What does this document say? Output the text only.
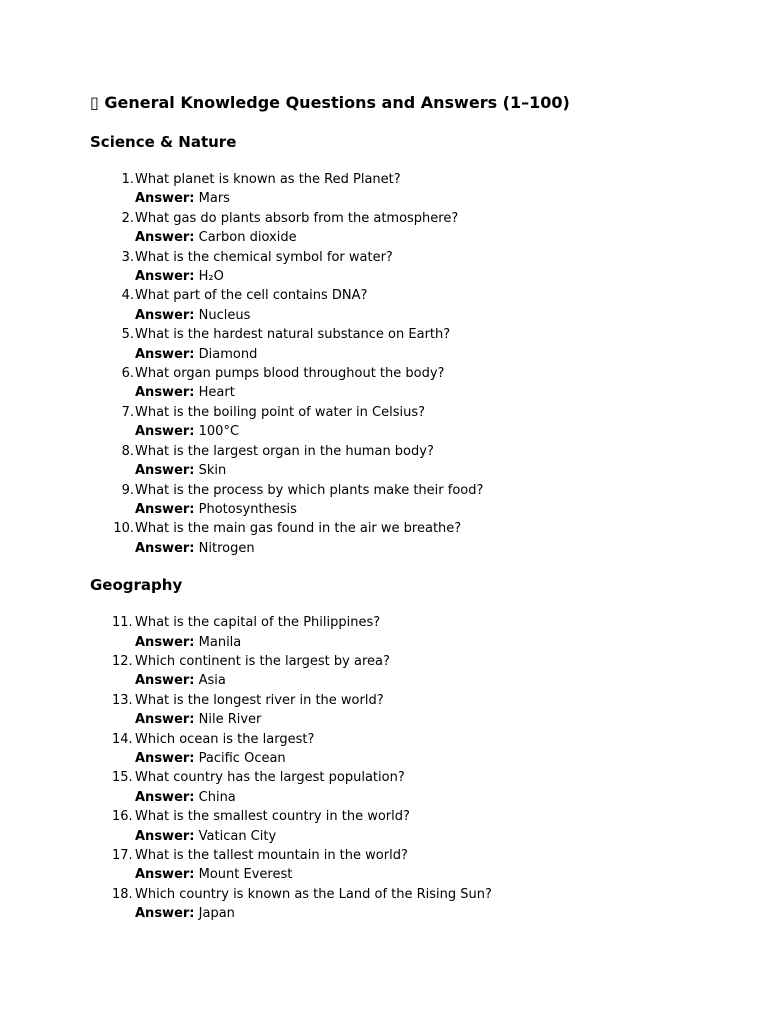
▯ General Knowledge Questions and Answers (1–100)
Science & Nature
1. What planet is known as the Red Planet?
Answer: Mars
2. What gas do plants absorb from the atmosphere?
Answer: Carbon dioxide
3. What is the chemical symbol for water?
Answer: H₂O
4. What part of the cell contains DNA?
Answer: Nucleus
5. What is the hardest natural substance on Earth?
Answer: Diamond
6. What organ pumps blood throughout the body?
Answer: Heart
7. What is the boiling point of water in Celsius?
Answer: 100°C
8. What is the largest organ in the human body?
Answer: Skin
9. What is the process by which plants make their food?
Answer: Photosynthesis
10. What is the main gas found in the air we breathe?
Answer: Nitrogen
Geography
11. What is the capital of the Philippines?
Answer: Manila
12. Which continent is the largest by area?
Answer: Asia
13. What is the longest river in the world?
Answer: Nile River
14. Which ocean is the largest?
Answer: Pacific Ocean
15. What country has the largest population?
Answer: China
16. What is the smallest country in the world?
Answer: Vatican City
17. What is the tallest mountain in the world?
Answer: Mount Everest
18. Which country is known as the Land of the Rising Sun?
Answer: Japan
